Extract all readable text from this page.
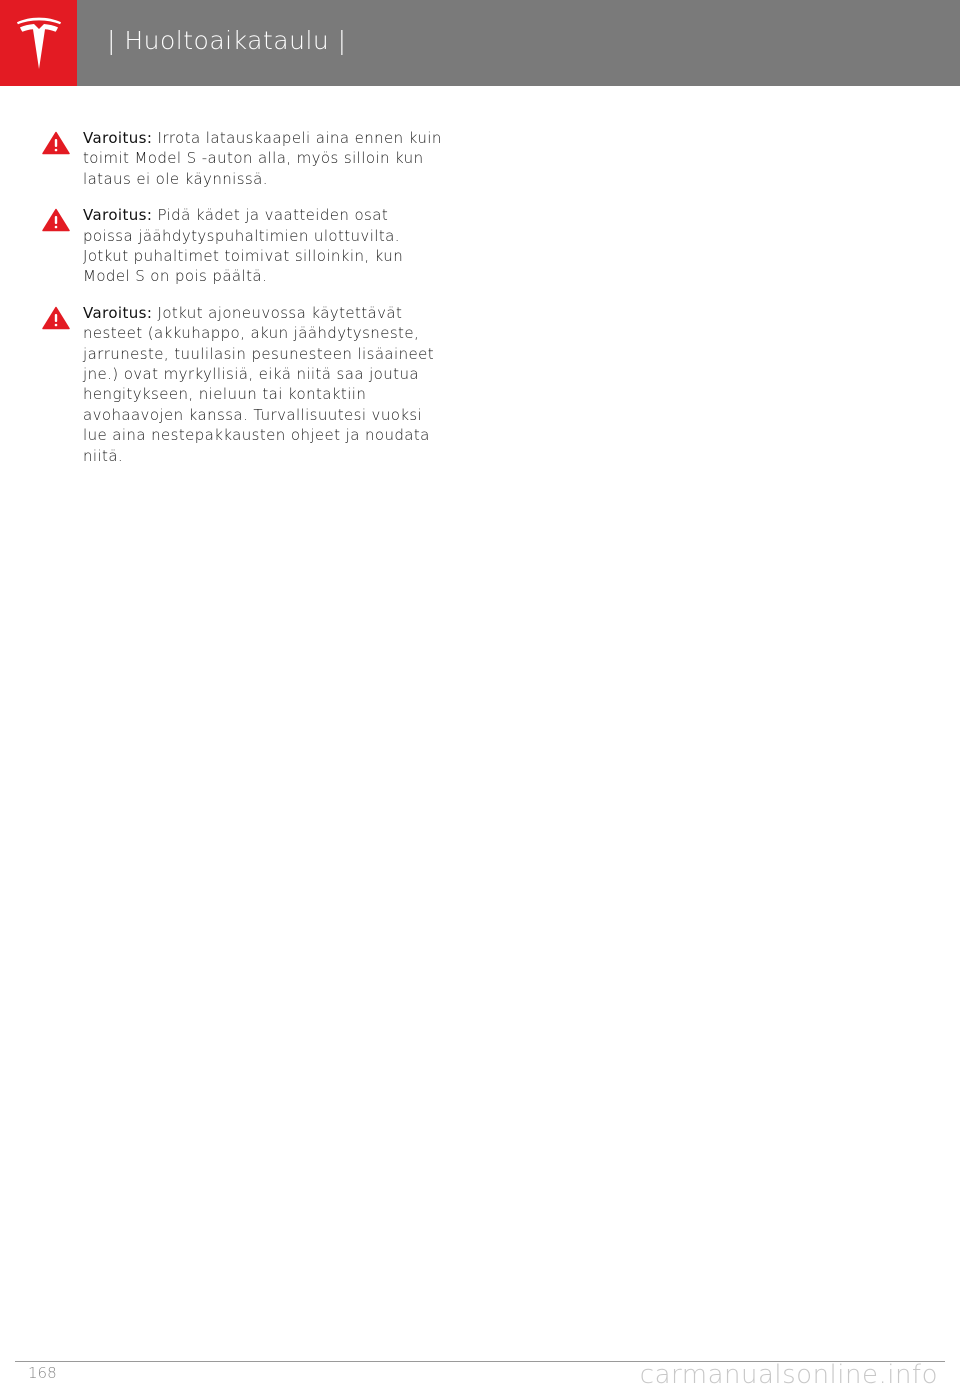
| Huoltoaikataulu |
Varoitus: Irrota latauskaapeli aina ennen kuin toimit Model S -auton alla, myös silloin kun lataus ei ole käynnissä.
Varoitus: Pidä kädet ja vaatteiden osat poissa jäähdytyspuhaltimien ulottuvilta. Jotkut puhaltimet toimivat silloinkin, kun Model S on pois päältä.
Varoitus: Jotkut ajoneuvossa käytettävät nesteet (akkuhappo, akun jäähdytysneste, jarruneste, tuulilasin pesunesteen lisäaineet jne.) ovat myrkyllisiä, eikä niitä saa joutua hengitykseen, nieluun tai kontaktiin avohaavojen kanssa. Turvallisuutesi vuoksi lue aina nestepakkausten ohjeet ja noudata niitä.
168	carmanualsonline.info
